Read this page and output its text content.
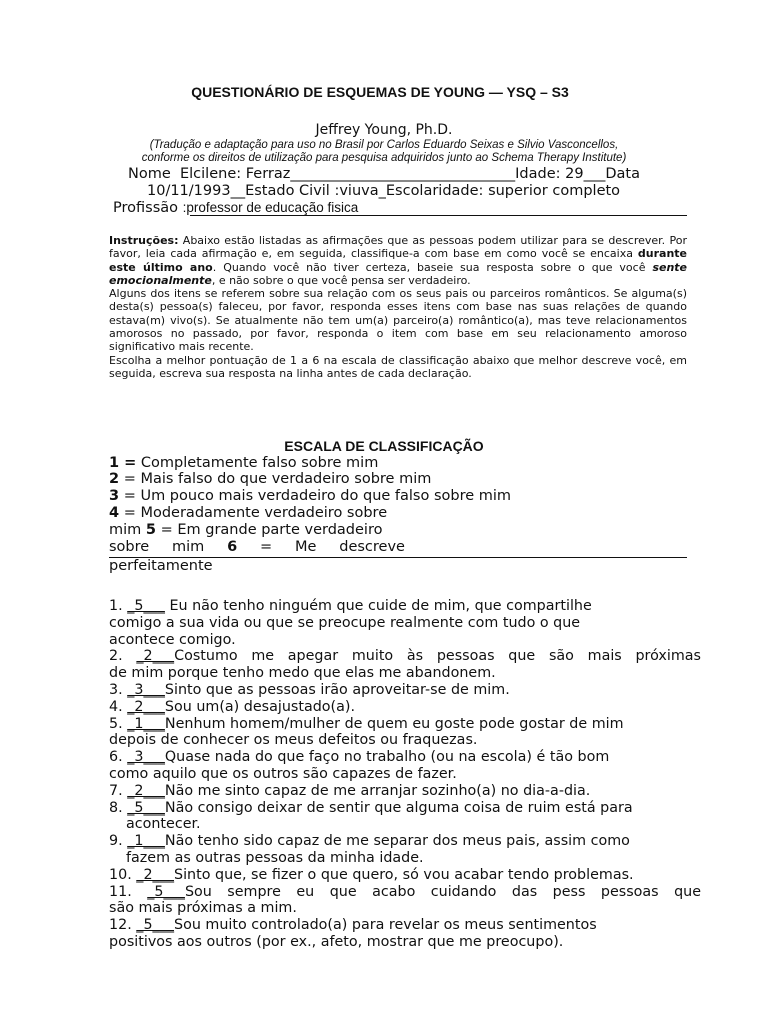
QUESTIONÁRIO DE ESQUEMAS DE YOUNG — YSQ – S3
Jeffrey Young, Ph.D.
(Tradução e adaptação para uso no Brasil por Carlos Eduardo Seixas e Silvio Vasconcellos,
conforme os direitos de utilização para pesquisa adquiridos junto ao Schema Therapy Institute)
Nome Elcilene: Ferraz_______________________________Idade: 29___Data
10/11/1993__Estado Civil :viuva_Escolaridade: superior completo
Profissão :professor de educação fisica

Instruções: Abaixo estão listadas as afirmações que as pessoas podem utilizar para se descrever. Por favor, leia cada afirmação e, em seguida, classifique-a com base em como você se encaixa durante este último ano. Quando você não tiver certeza, baseie sua resposta sobre o que você sente emocionalmente, e não sobre o que você pensa ser verdadeiro.

Alguns dos itens se referem sobre sua relação com os seus pais ou parceiros românticos. Se alguma(s) desta(s) pessoa(s) faleceu, por favor, responda esses itens com base nas suas relações de quando estava(m) vivo(s). Se atualmente não tem um(a) parceiro(a) romântico(a), mas teve relacionamentos amorosos no passado, por favor, responda o item com base em seu relacionamento amoroso significativo mais recente.

Escolha a melhor pontuação de 1 a 6 na escala de classificação abaixo que melhor descreve você, em seguida, escreva sua resposta na linha antes de cada declaração.

ESCALA DE CLASSIFICAÇÃO
1 = Completamente falso sobre mim
2 = Mais falso do que verdadeiro sobre mim
3 = Um pouco mais verdadeiro do que falso sobre mim
4 = Moderadamente verdadeiro sobre
mim 5 = Em grande parte verdadeiro
sobre mim 6 = Me descreve
perfeitamente

1. _5___ Eu não tenho ninguém que cuide de mim, que compartilhe
comigo a sua vida ou que se preocupe realmente com tudo o que
acontece comigo.

2. _2___Costumo me apegar muito às pessoas que são mais próximas
de mim porque tenho medo que elas me abandonem.

3. _3___Sinto que as pessoas irão aproveitar-se de mim.

4. _2___Sou um(a) desajustado(a).

5. _1___Nenhum homem/mulher de quem eu goste pode gostar de mim
depois de conhecer os meus defeitos ou fraquezas.

6. _3___Quase nada do que faço no trabalho (ou na escola) é tão bom
como aquilo que os outros são capazes de fazer.

7. _2___Não me sinto capaz de me arranjar sozinho(a) no dia-a-dia.

8. _5___Não consigo deixar de sentir que alguma coisa de ruim está para
acontecer.

9. _1___Não tenho sido capaz de me separar dos meus pais, assim como
fazem as outras pessoas da minha idade.

10. _2___Sinto que, se fizer o que quero, só vou acabar tendo problemas.

11. _5___Sou sempre eu que acabo cuidando das pess pessoas que
são mais próximas a mim.

12. _5___Sou muito controlado(a) para revelar os meus sentimentos
positivos aos outros (por ex., afeto, mostrar que me preocupo).
